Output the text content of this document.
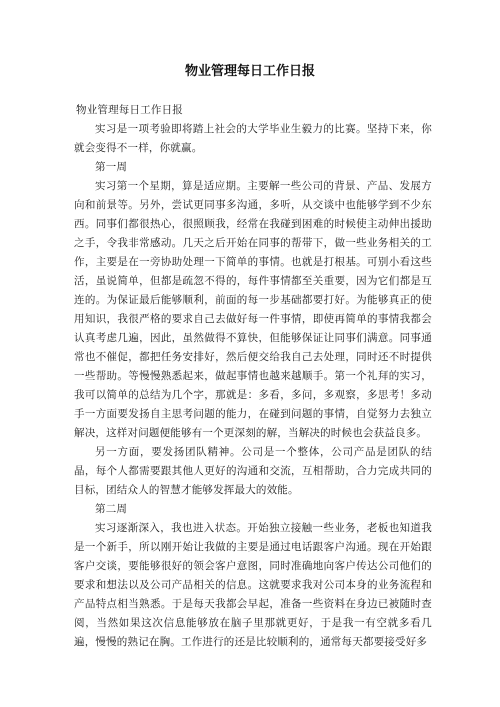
物业管理每日工作日报

物业管理每日工作日报

实习是一项考验即将踏上社会的大学毕业生毅力的比赛。坚持下来，你就会变得不一样，你就赢。

第一周

实习第一个星期，算是适应期。主要解一些公司的背景、产品、发展方向和前景等。另外，尝试更同事多沟通，多听，从交谈中也能够学到不少东西。同事们都很热心，很照顾我，经常在我碰到困难的时候使主动伸出援助之手，令我非常感动。几天之后开始在同事的帮带下，做一些业务相关的工作，主要是在一旁协助处理一下简单的事情。也就是打根基。可别小看这些活，虽说简单，但都是疏忽不得的，每件事情都至关重要，因为它们都是互连的。为保证最后能够顺利，前面的每一步基础都要打好。为能够真正的使用知识，我很严格的要求自己去做好每一件事情，即使再简单的事情我都会认真考虑几遍，因此，虽然做得不算快，但能够保证让同事们满意。同事通常也不催促，都把任务安排好，然后便交给我自己去处理，同时还不时提供一些帮助。等慢慢熟悉起来，做起事情也越来越顺手。第一个礼拜的实习，我可以简单的总结为几个字，那就是：多看，多问，多观察，多思考！多动手一方面要发扬自主思考问题的能力，在碰到问题的事情，自觉努力去独立解决，这样对问题便能够有一个更深刻的解，当解决的时候也会获益良多。

另一方面，要发扬团队精神。公司是一个整体，公司产品是团队的结晶，每个人都需要跟其他人更好的沟通和交流，互相帮助，合力完成共同的目标，团结众人的智慧才能够发挥最大的效能。

第二周

实习逐渐深入，我也进入状态。开始独立接触一些业务，老板也知道我是一个新手，所以刚开始让我做的主要是通过电话跟客户沟通。现在开始跟客户交谈，要能够很好的领会客户意图，同时准确地向客户传达公司他们的要求和想法以及公司产品相关的信息。这就要求我对公司本身的业务流程和产品特点相当熟悉。于是每天我都会早起，准备一些资料在身边已被随时查阅，当然如果这次信息能够放在脑子里那就更好，于是我一有空就多看几遍，慢慢的熟记在胸。工作进行的还是比较顺利的，通常每天都要接受好多
